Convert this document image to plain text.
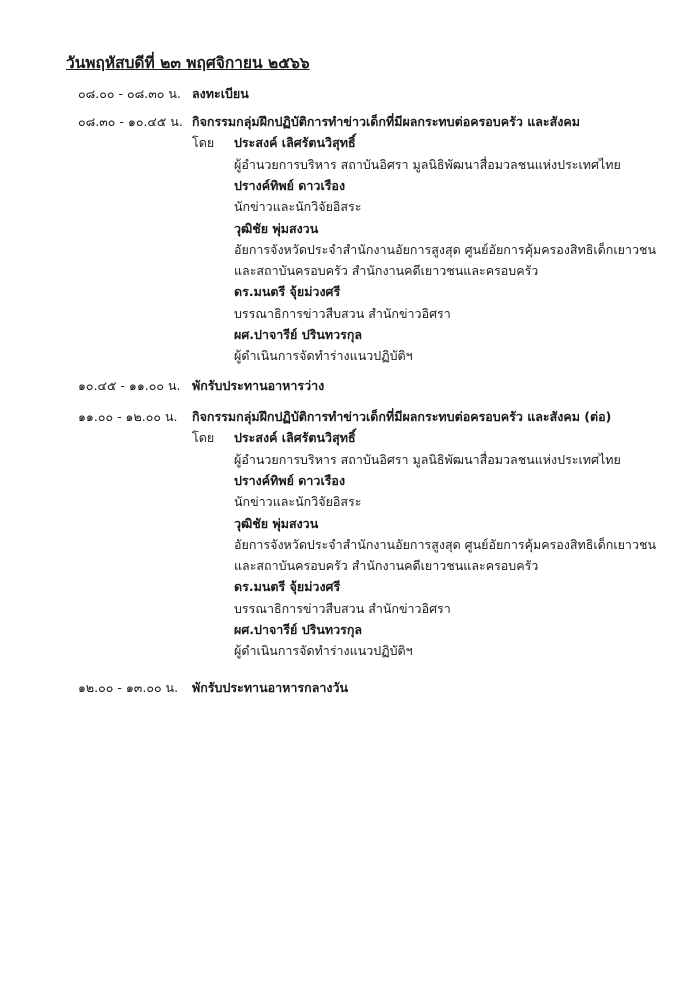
วันพฤหัสบดีที่ ๒๓ พฤศจิกายน ๒๕๖๖
๐๘.๐๐ - ๐๘.๓๐ น. ลงทะเบียน
๐๘.๓๐ - ๑๐.๔๕ น. กิจกรรมกลุ่มฝึกปฏิบัติการทำข่าวเด็กที่มีผลกระทบต่อครอบครัว และสังคม
โดย ประสงค์ เลิศรัตนวิสุทธิ์
ผู้อำนวยการบริหาร สถาบันอิศรา มูลนิธิพัฒนาสื่อมวลชนแห่งประเทศไทย
ปรางค์ทิพย์ ดาวเรือง
นักข่าวและนักวิจัยอิสระ
วุฒิชัย พุ่มสงวน
อัยการจังหวัดประจำสำนักงานอัยการสูงสุด ศูนย์อัยการคุ้มครองสิทธิเด็กเยาวชน
และสถาบันครอบครัว สำนักงานคดีเยาวชนและครอบครัว
ดร.มนตรี จุ้ยม่วงศรี
บรรณาธิการข่าวสืบสวน สำนักข่าวอิศรา
ผศ.ปาจารีย์ ปรินทวรกุล
ผู้ดำเนินการจัดทำร่างแนวปฏิบัติฯ
๑๐.๔๕ - ๑๑.๐๐ น. พักรับประทานอาหารว่าง
๑๑.๐๐ - ๑๒.๐๐ น. กิจกรรมกลุ่มฝึกปฏิบัติการทำข่าวเด็กที่มีผลกระทบต่อครอบครัว และสังคม (ต่อ)
โดย ประสงค์ เลิศรัตนวิสุทธิ์
ผู้อำนวยการบริหาร สถาบันอิศรา มูลนิธิพัฒนาสื่อมวลชนแห่งประเทศไทย
ปรางค์ทิพย์ ดาวเรือง
นักข่าวและนักวิจัยอิสระ
วุฒิชัย พุ่มสงวน
อัยการจังหวัดประจำสำนักงานอัยการสูงสุด ศูนย์อัยการคุ้มครองสิทธิเด็กเยาวชน
และสถาบันครอบครัว สำนักงานคดีเยาวชนและครอบครัว
ดร.มนตรี จุ้ยม่วงศรี
บรรณาธิการข่าวสืบสวน สำนักข่าวอิศรา
ผศ.ปาจารีย์ ปรินทวรกุล
ผู้ดำเนินการจัดทำร่างแนวปฏิบัติฯ
๑๒.๐๐ - ๑๓.๐๐ น. พักรับประทานอาหารกลางวัน
